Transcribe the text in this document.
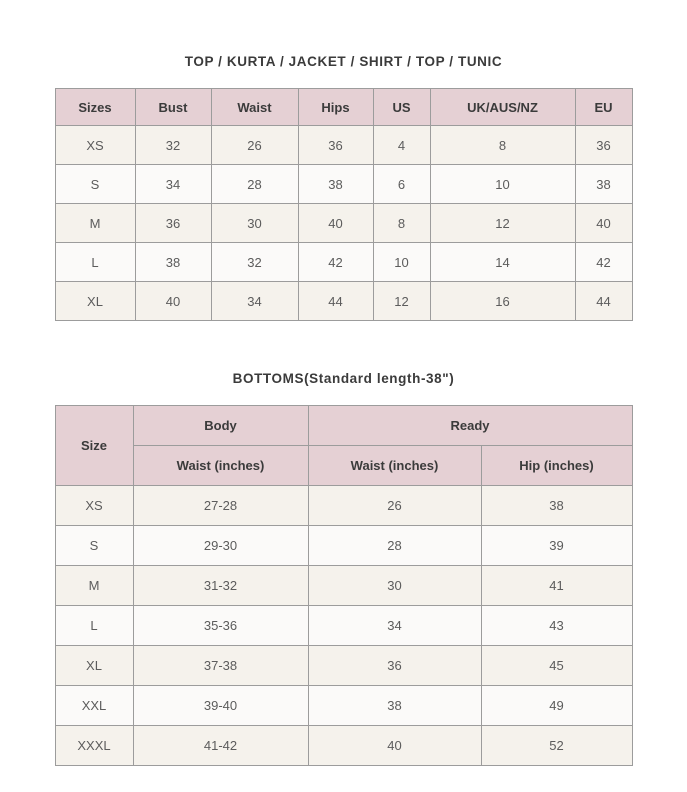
TOP / KURTA / JACKET / SHIRT / TOP / TUNIC
Sizes	Bust	Waist	Hips	US	UK/AUS/NZ	EU
XS	32	26	36	4	8	36
S	34	28	38	6	10	38
M	36	30	40	8	12	40
L	38	32	42	10	14	42
XL	40	34	44	12	16	44
BOTTOMS(Standard length-38")
Size	Body	Ready	
	Waist (inches)	Waist (inches)	Hip (inches)
XS	27-28	26	38
S	29-30	28	39
M	31-32	30	41
L	35-36	34	43
XL	37-38	36	45
XXL	39-40	38	49
XXXL	41-42	40	52
